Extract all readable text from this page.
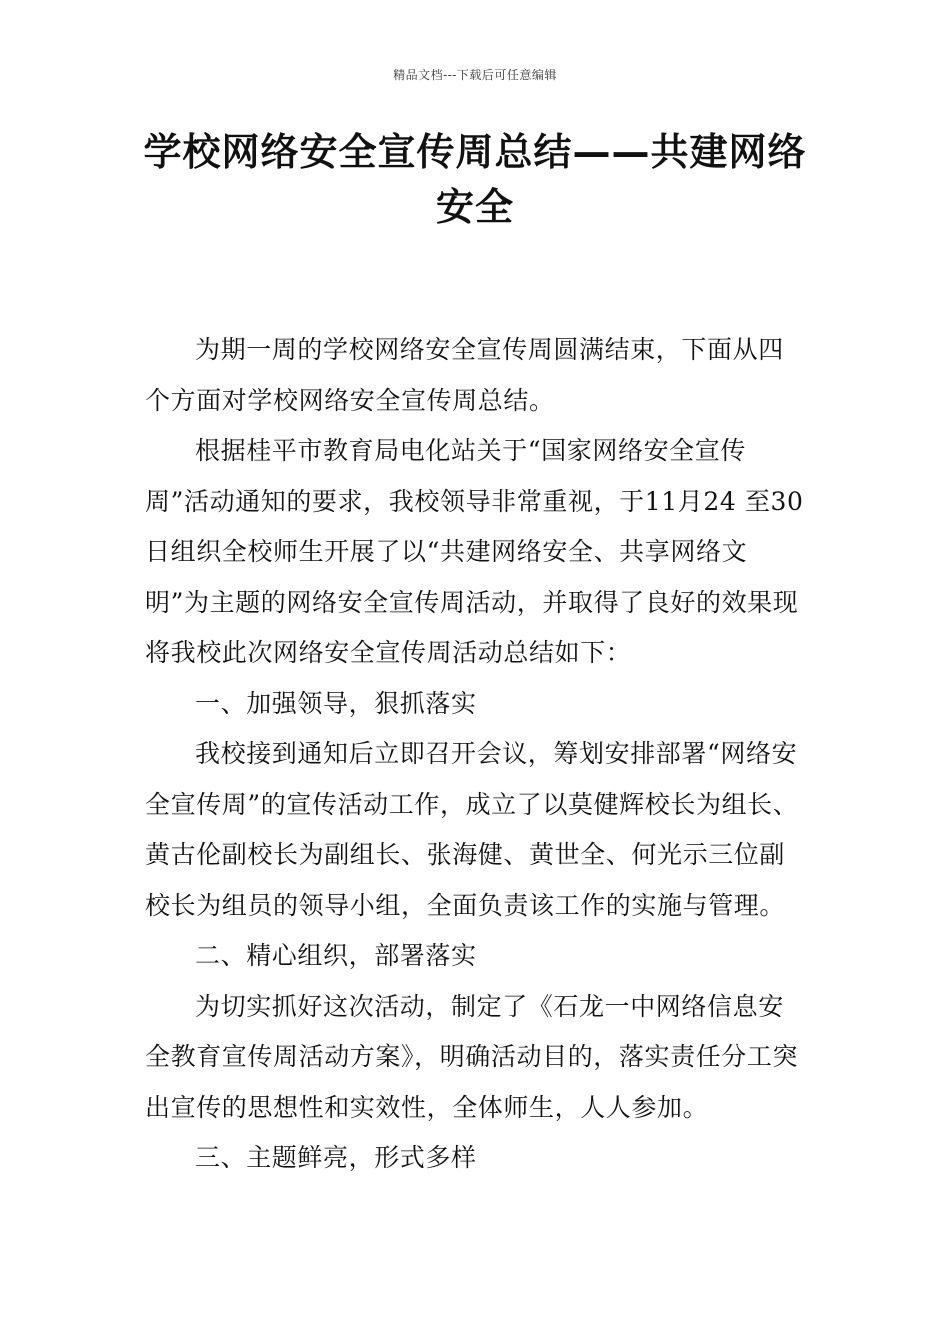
精品文档---下载后可任意编辑
学校网络安全宣传周总结——共建网络安全

为期一周的学校网络安全宣传周圆满结束，下面从四个方面对学校网络安全宣传周总结。

根据桂平市教育局电化站关于“国家网络安全宣传周”活动通知的要求，我校领导非常重视，于11月24 至30日组织全校师生开展了以“共建网络安全、共享网络文明”为主题的网络安全宣传周活动，并取得了良好的效果现将我校此次网络安全宣传周活动总结如下：

一、加强领导，狠抓落实

我校接到通知后立即召开会议，筹划安排部署“网络安全宣传周”的宣传活动工作，成立了以莫健辉校长为组长、黄古伦副校长为副组长、张海健、黄世全、何光示三位副校长为组员的领导小组，全面负责该工作的实施与管理。

二、精心组织，部署落实

为切实抓好这次活动，制定了《石龙一中网络信息安全教育宣传周活动方案》，明确活动目的，落实责任分工突出宣传的思想性和实效性，全体师生，人人参加。

三、主题鲜亮，形式多样
